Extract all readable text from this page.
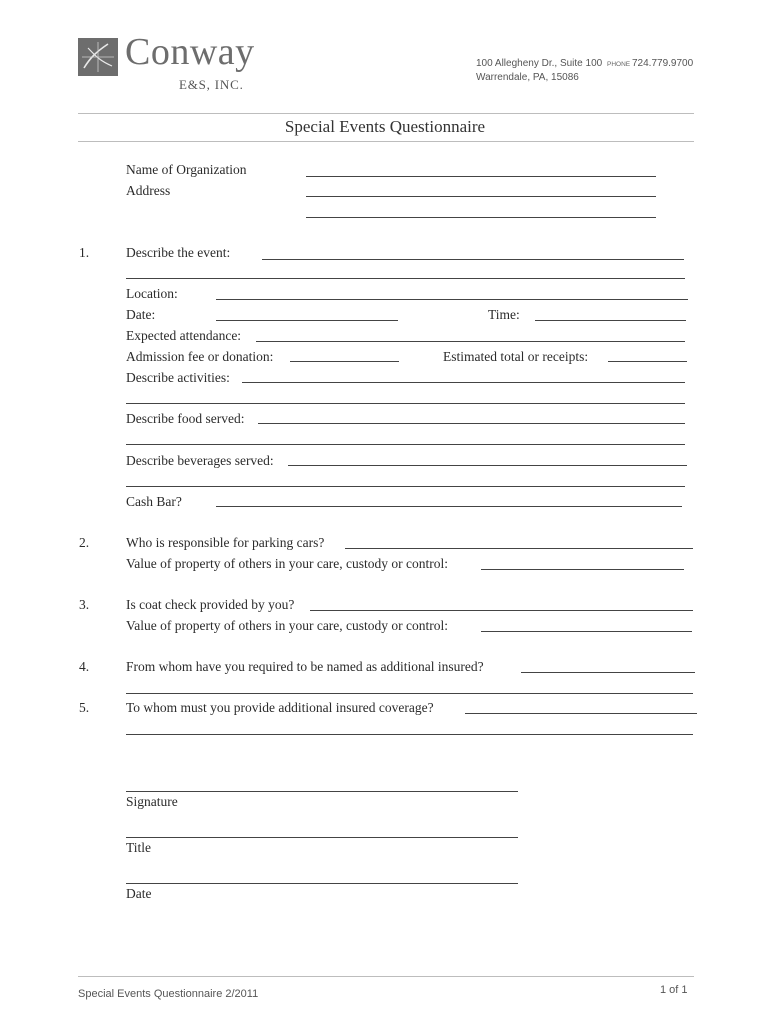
Conway
E&S, INC.
100 Allegheny Dr., Suite 100
Warrendale, PA, 15086
PHONE 724.779.9700
Special Events Questionnaire
Name of Organization
Address
1.	Describe the event:
Location:
Date:	Time:
Expected attendance:
Admission fee or donation:	Estimated total or receipts:
Describe activities:
Describe food served:
Describe beverages served:
Cash Bar?
2.	Who is responsible for parking cars?
Value of property of others in your care, custody or control:
3.	Is coat check provided by you?
Value of property of others in your care, custody or control:
4.	From whom have you required to be named as additional insured?
5.	To whom must you provide additional insured coverage?
Signature
Title
Date
Special Events Questionnaire 2/2011	1 of 1
